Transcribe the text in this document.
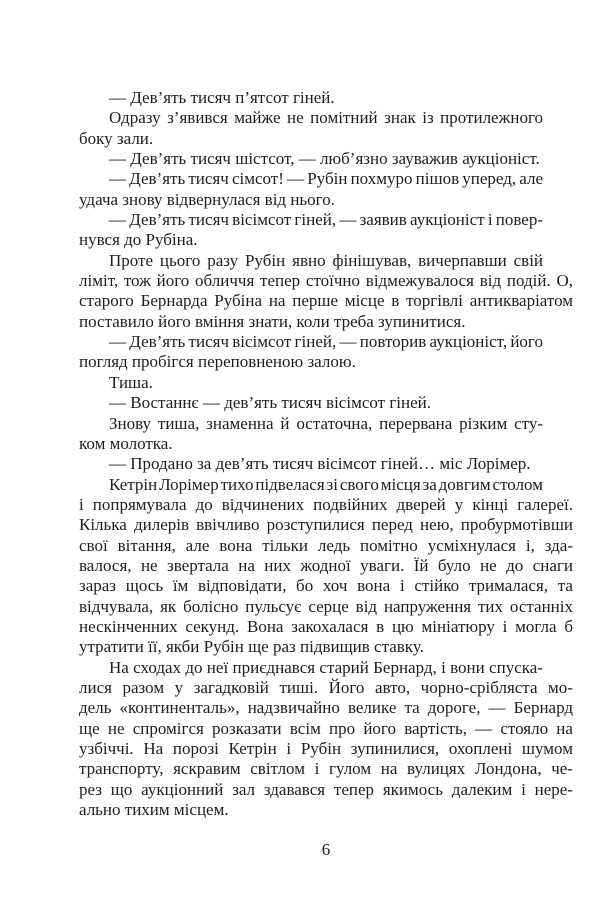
— Дев’ять тисяч п’ятсот гіней.
Одразу з’явився майже не помітний знак із протилежного
боку зали.
— Дев’ять тисяч шістсот, — люб’язно зауважив аукціоніст.
— Дев’ять тисяч сімсот! — Рубін похмуро пішов уперед, але
удача знову відвернулася від нього.
— Дев’ять тисяч вісімсот гіней, — заявив аукціоніст і повер-
нувся до Рубіна.
Проте цього разу Рубін явно фінішував, вичерпавши свій
ліміт, тож його обличчя тепер стоїчно відмежувалося від подій. О,
старого Бернарда Рубіна на перше місце в торгівлі антикваріатом
поставило його вміння знати, коли треба зупинитися.
— Дев’ять тисяч вісімсот гіней, — повторив аукціоніст, його
погляд пробігся переповненою залою.
Тиша.
— Востаннє — дев’ять тисяч вісімсот гіней.
Знову тиша, знаменна й остаточна, перервана різким сту-
ком молотка.
— Продано за дев’ять тисяч вісімсот гіней… міс Лорімер.
Кетрін Лорімер тихо підвелася зі свого місця за довгим столом
і попрямувала до відчинених подвійних дверей у кінці галереї.
Кілька дилерів ввічливо розступилися перед нею, пробурмотівши
свої вітання, але вона тільки ледь помітно усміхнулася і, зда-
валося, не звертала на них жодної уваги. Їй було не до снаги
зараз щось їм відповідати, бо хоч вона і стійко трималася, та
відчувала, як болісно пульсує серце від напруження тих останніх
нескінченних секунд. Вона закохалася в цю мініатюру і могла б
утратити її, якби Рубін ще раз підвищив ставку.
На сходах до неї приєднався старий Бернард, і вони спуска-
лися разом у загадковій тиші. Його авто, чорно-срібляста мо-
дель «континенталь», надзвичайно велике та дороге, — Бернард
ще не спромігся розказати всім про його вартість, — стояло на
узбіччі. На порозі Кетрін і Рубін зупинилися, охоплені шумом
транспорту, яскравим світлом і гулом на вулицях Лондона, че-
рез що аукціонний зал здавався тепер якимось далеким і нере-
ально тихим місцем.
6
